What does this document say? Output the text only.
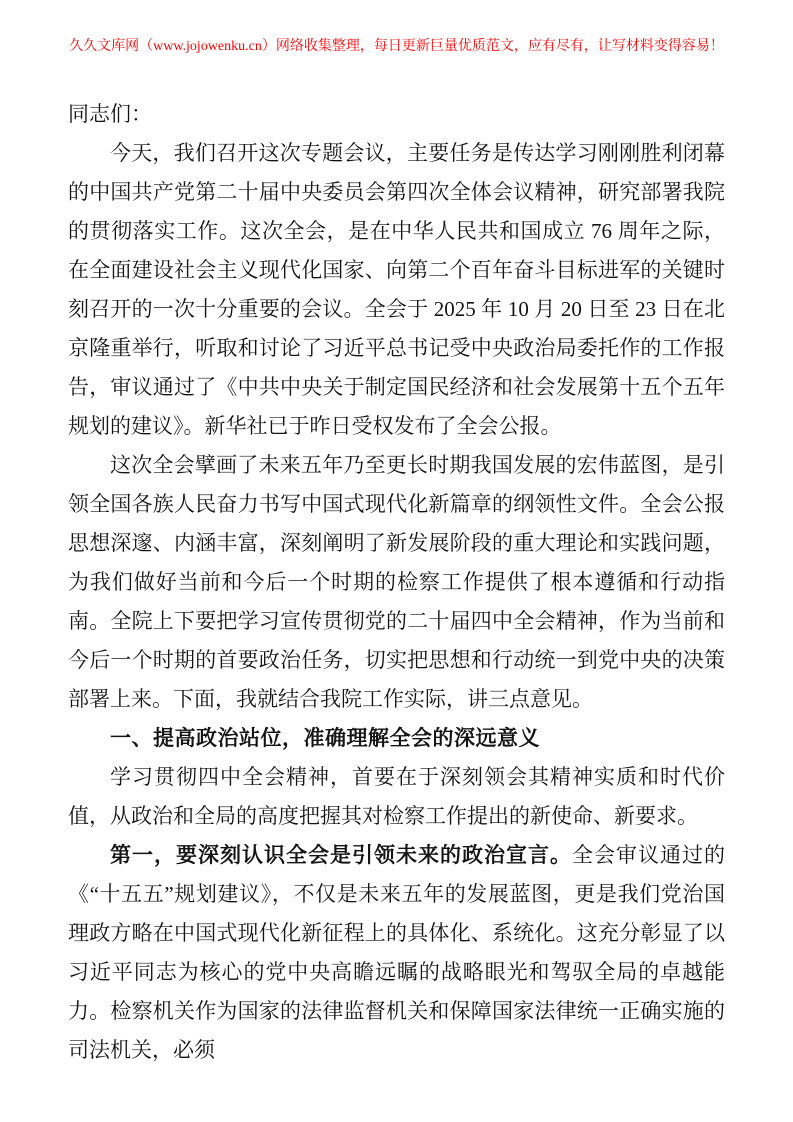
久久文库网（www.jojowenku.cn）网络收集整理，每日更新巨量优质范文，应有尽有，让写材料变得容易！

同志们：

今天，我们召开这次专题会议，主要任务是传达学习刚刚胜利闭幕的中国共产党第二十届中央委员会第四次全体会议精神，研究部署我院的贯彻落实工作。这次全会，是在中华人民共和国成立 76 周年之际，在全面建设社会主义现代化国家、向第二个百年奋斗目标进军的关键时刻召开的一次十分重要的会议。全会于 2025 年 10 月 20 日至 23 日在北京隆重举行，听取和讨论了习近平总书记受中央政治局委托作的工作报告，审议通过了《中共中央关于制定国民经济和社会发展第十五个五年规划的建议》。新华社已于昨日受权发布了全会公报。

这次全会擘画了未来五年乃至更长时期我国发展的宏伟蓝图，是引领全国各族人民奋力书写中国式现代化新篇章的纲领性文件。全会公报思想深邃、内涵丰富，深刻阐明了新发展阶段的重大理论和实践问题，为我们做好当前和今后一个时期的检察工作提供了根本遵循和行动指南。全院上下要把学习宣传贯彻党的二十届四中全会精神，作为当前和今后一个时期的首要政治任务，切实把思想和行动统一到党中央的决策部署上来。下面，我就结合我院工作实际，讲三点意见。

一、提高政治站位，准确理解全会的深远意义

学习贯彻四中全会精神，首要在于深刻领会其精神实质和时代价值，从政治和全局的高度把握其对检察工作提出的新使命、新要求。

第一，要深刻认识全会是引领未来的政治宣言。全会审议通过的《“十五五”规划建议》，不仅是未来五年的发展蓝图，更是我们党治国理政方略在中国式现代化新征程上的具体化、系统化。这充分彰显了以习近平同志为核心的党中央高瞻远瞩的战略眼光和驾驭全局的卓越能力。检察机关作为国家的法律监督机关和保障国家法律统一正确实施的司法机关，必须
